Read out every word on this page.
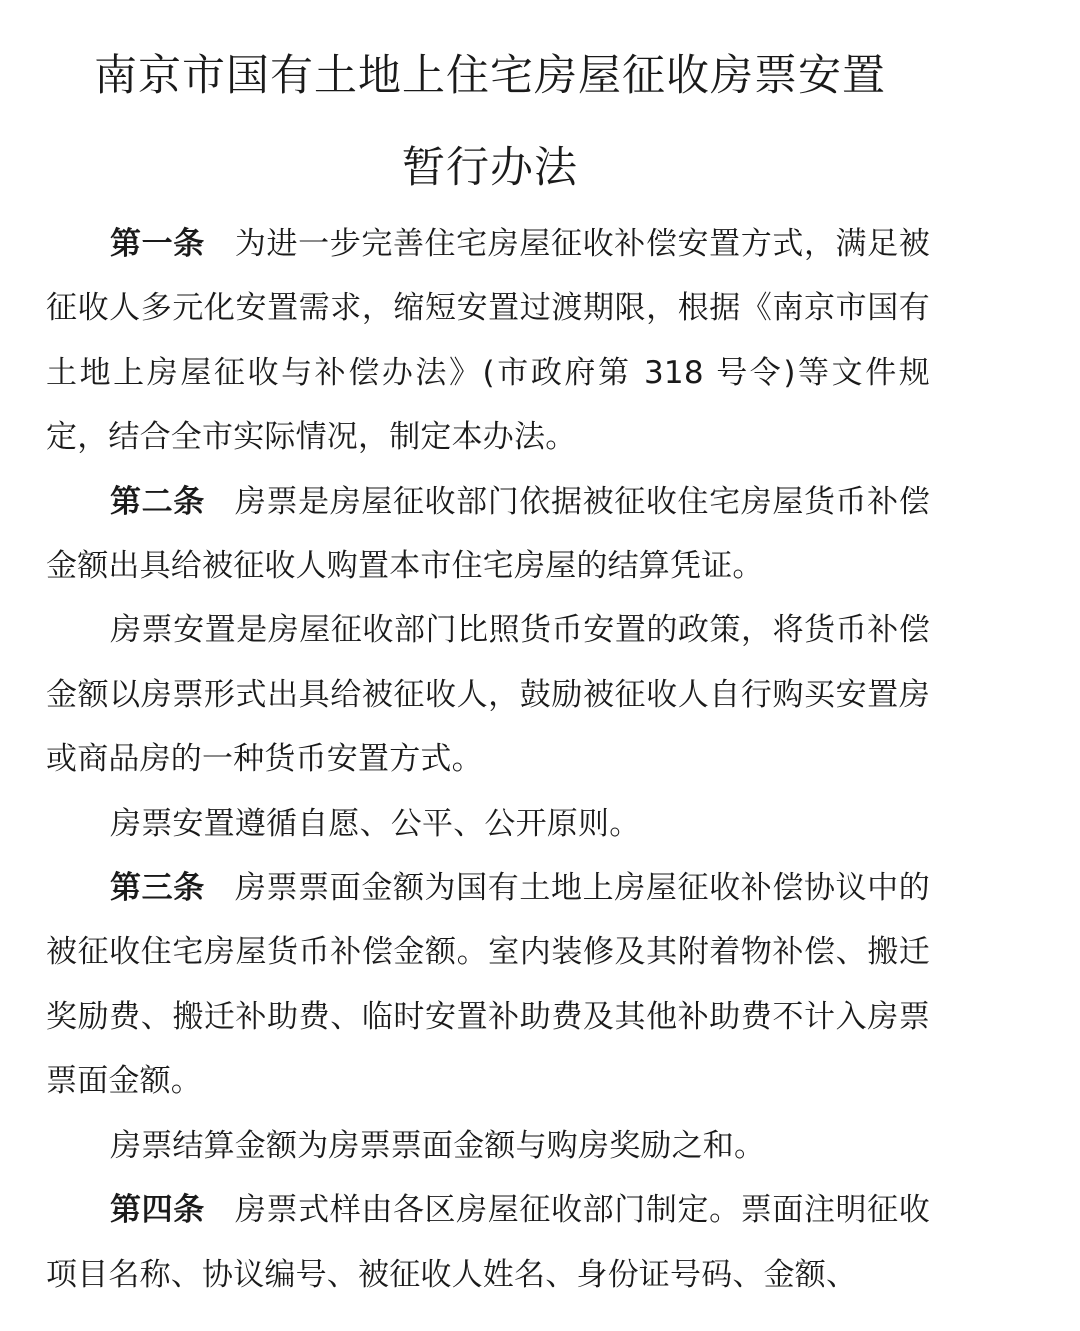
南京市国有土地上住宅房屋征收房票安置
暂行办法

第一条 为进一步完善住宅房屋征收补偿安置方式，满足被征收人多元化安置需求，缩短安置过渡期限，根据《南京市国有土地上房屋征收与补偿办法》(市政府第 318 号令)等文件规定，结合全市实际情况，制定本办法。

第二条 房票是房屋征收部门依据被征收住宅房屋货币补偿金额出具给被征收人购置本市住宅房屋的结算凭证。

房票安置是房屋征收部门比照货币安置的政策，将货币补偿金额以房票形式出具给被征收人，鼓励被征收人自行购买安置房或商品房的一种货币安置方式。

房票安置遵循自愿、公平、公开原则。

第三条 房票票面金额为国有土地上房屋征收补偿协议中的被征收住宅房屋货币补偿金额。室内装修及其附着物补偿、搬迁奖励费、搬迁补助费、临时安置补助费及其他补助费不计入房票票面金额。

房票结算金额为房票票面金额与购房奖励之和。

第四条 房票式样由各区房屋征收部门制定。票面注明征收项目名称、协议编号、被征收人姓名、身份证号码、金额、
